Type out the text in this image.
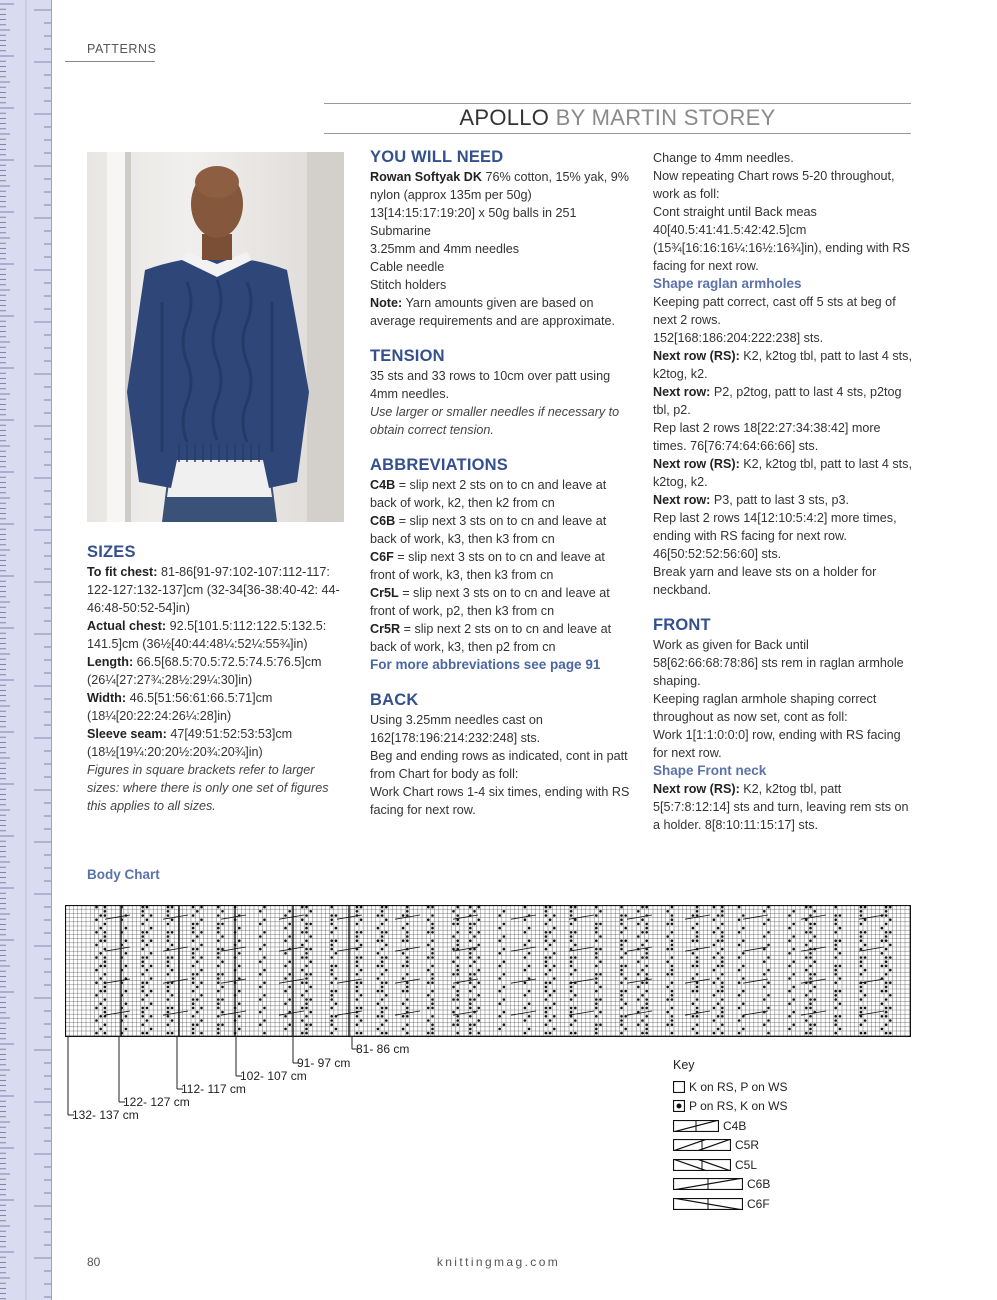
PATTERNS
APOLLO BY MARTIN STOREY
SIZES

To fit chest: 81-86[91-97:102-107:112-117: 122-127:132-137]cm (32-34[36-38:40-42: 44-46:48-50:52-54]in)

Actual chest: 92.5[101.5:112:122.5:132.5: 141.5]cm (36½[40:44:48¼:52¼:55¾]in)

Length: 66.5[68.5:70.5:72.5:74.5:76.5]cm (26¼[27:27¾:28½:29¼:30]in)

Width: 46.5[51:56:61:66.5:71]cm (18¼[20:22:24:26¼:28]in)

Sleeve seam: 47[49:51:52:53:53]cm (18½[19¼:20:20½:20¾:20¾]in)

Figures in square brackets refer to larger sizes: where there is only one set of figures this applies to all sizes.

YOU WILL NEED

Rowan Softyak DK 76% cotton, 15% yak, 9% nylon (approx 135m per 50g) 13[14:15:17:19:20] x 50g balls in 251 Submarine

3.25mm and 4mm needles

Cable needle

Stitch holders

Note: Yarn amounts given are based on average requirements and are approximate.

TENSION

35 sts and 33 rows to 10cm over patt using 4mm needles.

Use larger or smaller needles if necessary to obtain correct tension.

ABBREVIATIONS

C4B = slip next 2 sts on to cn and leave at back of work, k2, then k2 from cn

C6B = slip next 3 sts on to cn and leave at back of work, k3, then k3 from cn

C6F = slip next 3 sts on to cn and leave at front of work, k3, then k3 from cn

Cr5L = slip next 3 sts on to cn and leave at front of work, p2, then k3 from cn

Cr5R = slip next 2 sts on to cn and leave at back of work, k3, then p2 from cn

For more abbreviations see page 91

BACK

Using 3.25mm needles cast on 162[178:196:214:232:248] sts.

Beg and ending rows as indicated, cont in patt from Chart for body as foll:

Work Chart rows 1-4 six times, ending with RS facing for next row.

Change to 4mm needles.

Now repeating Chart rows 5-20 throughout, work as foll:

Cont straight until Back meas 40[40.5:41:41.5:42:42.5]cm (15¾[16:16:16¼:16½:16¾]in), ending with RS facing for next row.

Shape raglan armholes

Keeping patt correct, cast off 5 sts at beg of next 2 rows.

152[168:186:204:222:238] sts.

Next row (RS): K2, k2tog tbl, patt to last 4 sts, k2tog, k2.

Next row: P2, p2tog, patt to last 4 sts, p2tog tbl, p2.

Rep last 2 rows 18[22:27:34:38:42] more times. 76[76:74:64:66:66] sts.

Next row (RS): K2, k2tog tbl, patt to last 4 sts, k2tog, k2.

Next row: P3, patt to last 3 sts, p3.

Rep last 2 rows 14[12:10:5:4:2] more times, ending with RS facing for next row. 46[50:52:52:56:60] sts.

Break yarn and leave sts on a holder for neckband.

FRONT

Work as given for Back until 58[62:66:68:78:86] sts rem in raglan armhole shaping.

Keeping raglan armhole shaping correct throughout as now set, cont as foll:

Work 1[1:1:0:0:0] row, ending with RS facing for next row.

Shape Front neck

Next row (RS): K2, k2tog tbl, patt 5[5:7:8:12:14] sts and turn, leaving rem sts on a holder. 8[8:10:11:15:17] sts.

Body Chart
81- 86 cm
91- 97 cm
102- 107 cm
112- 117 cm
122- 127 cm
132- 137 cm
Key
K on RS, P on WS
P on RS, K on WS
C4B
C5R
C5L
C6B
C6F
80	knittingmag.com
